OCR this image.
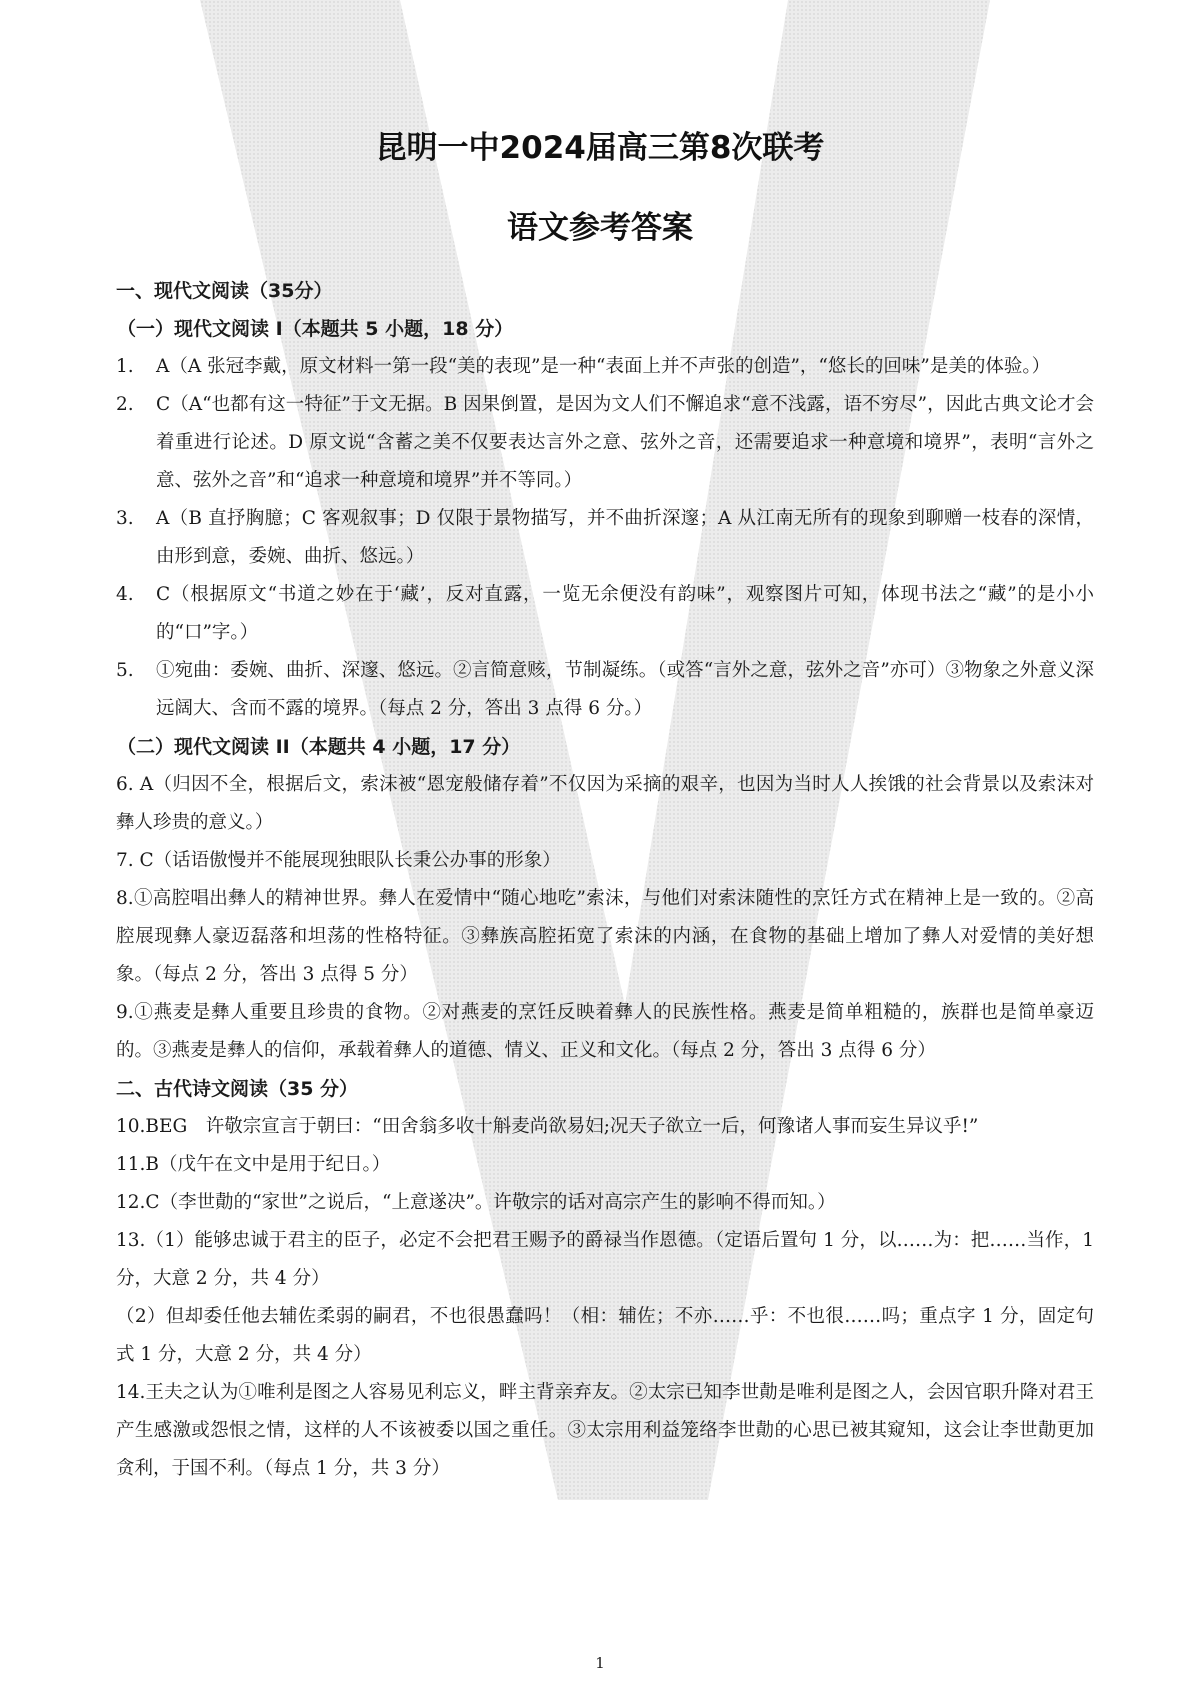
昆明一中2024届高三第8次联考
语文参考答案
一、现代文阅读（35分）
（一）现代文阅读 I（本题共 5 小题，18 分）
1.	A（A 张冠李戴，原文材料一第一段“美的表现”是一种“表面上并不声张的创造”，“悠长的回味”是美的体验。）
2.	C（A“也都有这一特征”于文无据。B 因果倒置，是因为文人们不懈追求“意不浅露，语不穷尽”，因此古典文论才会着重进行论述。D 原文说“含蓄之美不仅要表达言外之意、弦外之音，还需要追求一种意境和境界”，表明“言外之意、弦外之音”和“追求一种意境和境界”并不等同。）
3.	A（B 直抒胸臆；C 客观叙事；D 仅限于景物描写，并不曲折深邃；A 从江南无所有的现象到聊赠一枝春的深情，由形到意，委婉、曲折、悠远。）
4.	C（根据原文“书道之妙在于‘藏’，反对直露，一览无余便没有韵味”，观察图片可知，体现书法之“藏”的是小小的“口”字。）
5.	①宛曲：委婉、曲折、深邃、悠远。②言简意赅，节制凝练。（或答“言外之意，弦外之音”亦可）③物象之外意义深远阔大、含而不露的境界。（每点 2 分，答出 3 点得 6 分。）
（二）现代文阅读 II（本题共 4 小题，17 分）
6. A（归因不全，根据后文，索沫被“恩宠般储存着”不仅因为采摘的艰辛，也因为当时人人挨饿的社会背景以及索沫对彝人珍贵的意义。）
7. C（话语傲慢并不能展现独眼队长秉公办事的形象）
8.①高腔唱出彝人的精神世界。彝人在爱情中“随心地吃”索沫，与他们对索沫随性的烹饪方式在精神上是一致的。②高腔展现彝人豪迈磊落和坦荡的性格特征。③彝族高腔拓宽了索沫的内涵，在食物的基础上增加了彝人对爱情的美好想象。（每点 2 分，答出 3 点得 5 分）
9.①燕麦是彝人重要且珍贵的食物。②对燕麦的烹饪反映着彝人的民族性格。燕麦是简单粗糙的，族群也是简单豪迈的。③燕麦是彝人的信仰，承载着彝人的道德、情义、正义和文化。（每点 2 分，答出 3 点得 6 分）
二、古代诗文阅读（35 分）
10.BEG　许敬宗宣言于朝曰：“田舍翁多收十斛麦尚欲易妇;况天子欲立一后，何豫诸人事而妄生异议乎!”
11.B（戊午在文中是用于纪日。）
12.C（李世勣的“家世”之说后，“上意遂决”。许敬宗的话对高宗产生的影响不得而知。）
13.（1）能够忠诚于君主的臣子，必定不会把君王赐予的爵禄当作恩德。（定语后置句 1 分，以……为：把……当作，1 分，大意 2 分，共 4 分）
（2）但却委任他去辅佐柔弱的嗣君，不也很愚蠢吗！（相：辅佐；不亦……乎：不也很……吗；重点字 1 分，固定句式 1 分，大意 2 分，共 4 分）
14.王夫之认为①唯利是图之人容易见利忘义，畔主背亲弃友。②太宗已知李世勣是唯利是图之人，会因官职升降对君王产生感激或怨恨之情，这样的人不该被委以国之重任。③太宗用利益笼络李世勣的心思已被其窥知，这会让李世勣更加贪利，于国不利。（每点 1 分，共 3 分）
1
